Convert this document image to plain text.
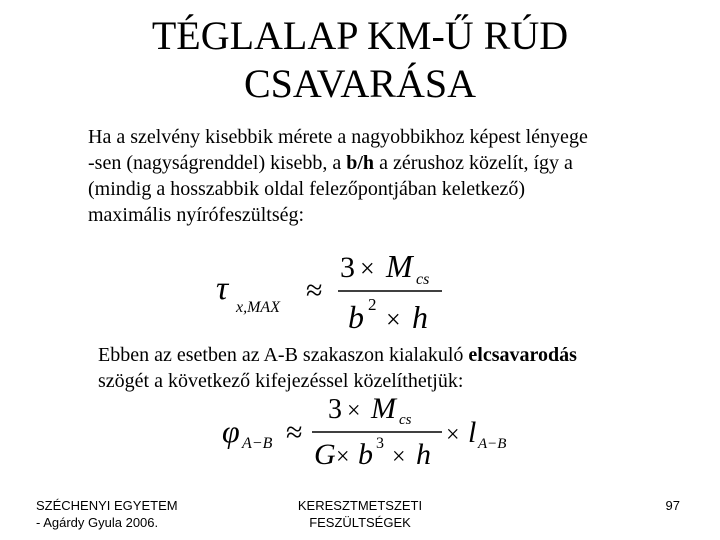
TÉGLALAP KM-Ű RÚD
CSAVARÁSA
Ha a szelvény kisebbik mérete a nagyobbikhoz képest lényege
-sen (nagyságrenddel) kisebb, a b/h a zérushoz közelít, így a
(mindig a hosszabbik oldal felezőpontjában keletkező)
maximális nyírófeszültség:
τ
x,MAX
≈
3 × M cs
b 2
× h
Ebben az esetben az A-B szakaszon kialakuló elcsavarodás
szögét a következő kifejezéssel közelíthetjük:
φ A−B ≈
3 × M cs
G × b 3
× h
× l A−B
SZÉCHENYI EGYETEM
- Agárdy Gyula 2006.
KERESZTMETSZETI
FESZÜLTSÉGEK
97
